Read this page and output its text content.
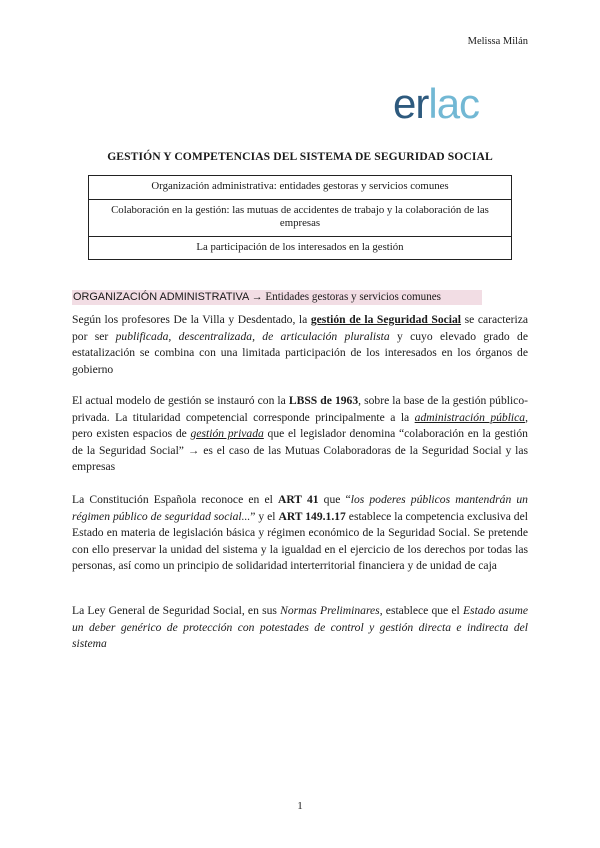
Melissa Milán
erlac
GESTIÓN Y COMPETENCIAS DEL SISTEMA DE SEGURIDAD SOCIAL
Organización administrativa: entidades gestoras y servicios comunes
Colaboración en la gestión: las mutuas de accidentes de trabajo y la colaboración de las empresas
La participación de los interesados en la gestión
ORGANIZACIÓN ADMINISTRATIVA → Entidades gestoras y servicios comunes
Según los profesores De la Villa y Desdentado, la gestión de la Seguridad Social se caracteriza por ser publificada, descentralizada, de articulación pluralista y cuyo elevado grado de estatalización se combina con una limitada participación de los interesados en los órganos de gobierno
El actual modelo de gestión se instauró con la LBSS de 1963, sobre la base de la gestión público-privada. La titularidad competencial corresponde principalmente a la administración pública, pero existen espacios de gestión privada que el legislador denomina “colaboración en la gestión de la Seguridad Social” → es el caso de las Mutuas Colaboradoras de la Seguridad Social y las empresas
La Constitución Española reconoce en el ART 41 que “los poderes públicos mantendrán un régimen público de seguridad social...” y el ART 149.1.17 establece la competencia exclusiva del Estado en materia de legislación básica y régimen económico de la Seguridad Social. Se pretende con ello preservar la unidad del sistema y la igualdad en el ejercicio de los derechos por todas las personas, así como un principio de solidaridad interterritorial financiera y de unidad de caja
La Ley General de Seguridad Social, en sus Normas Preliminares, establece que el Estado asume un deber genérico de protección con potestades de control y gestión directa e indirecta del sistema
1
